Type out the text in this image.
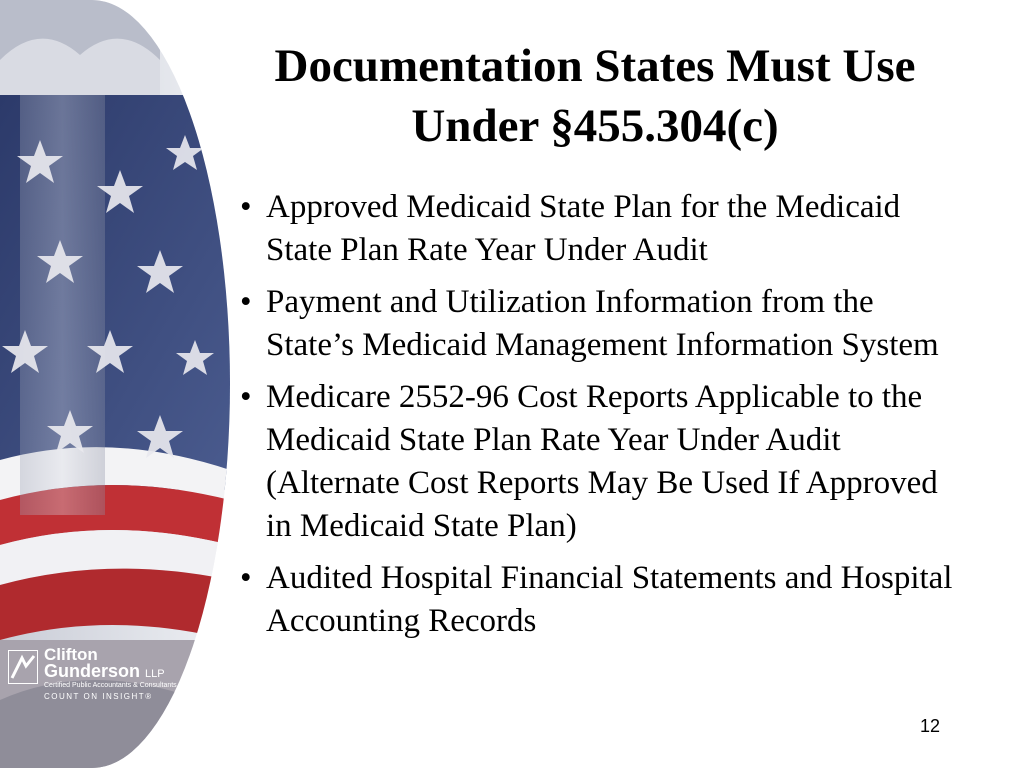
Clifton
Gunderson LLP
Certified Public Accountants & Consultants
COUNT ON INSIGHT®
Documentation States Must Use
Under §455.304(c)
• Approved Medicaid State Plan for the Medicaid State Plan Rate Year Under Audit
• Payment and Utilization Information from the State’s Medicaid Management Information System
• Medicare 2552-96 Cost Reports Applicable to the Medicaid State Plan Rate Year Under Audit (Alternate Cost Reports May Be Used If Approved in Medicaid State Plan)
• Audited Hospital Financial Statements and Hospital Accounting Records
12
